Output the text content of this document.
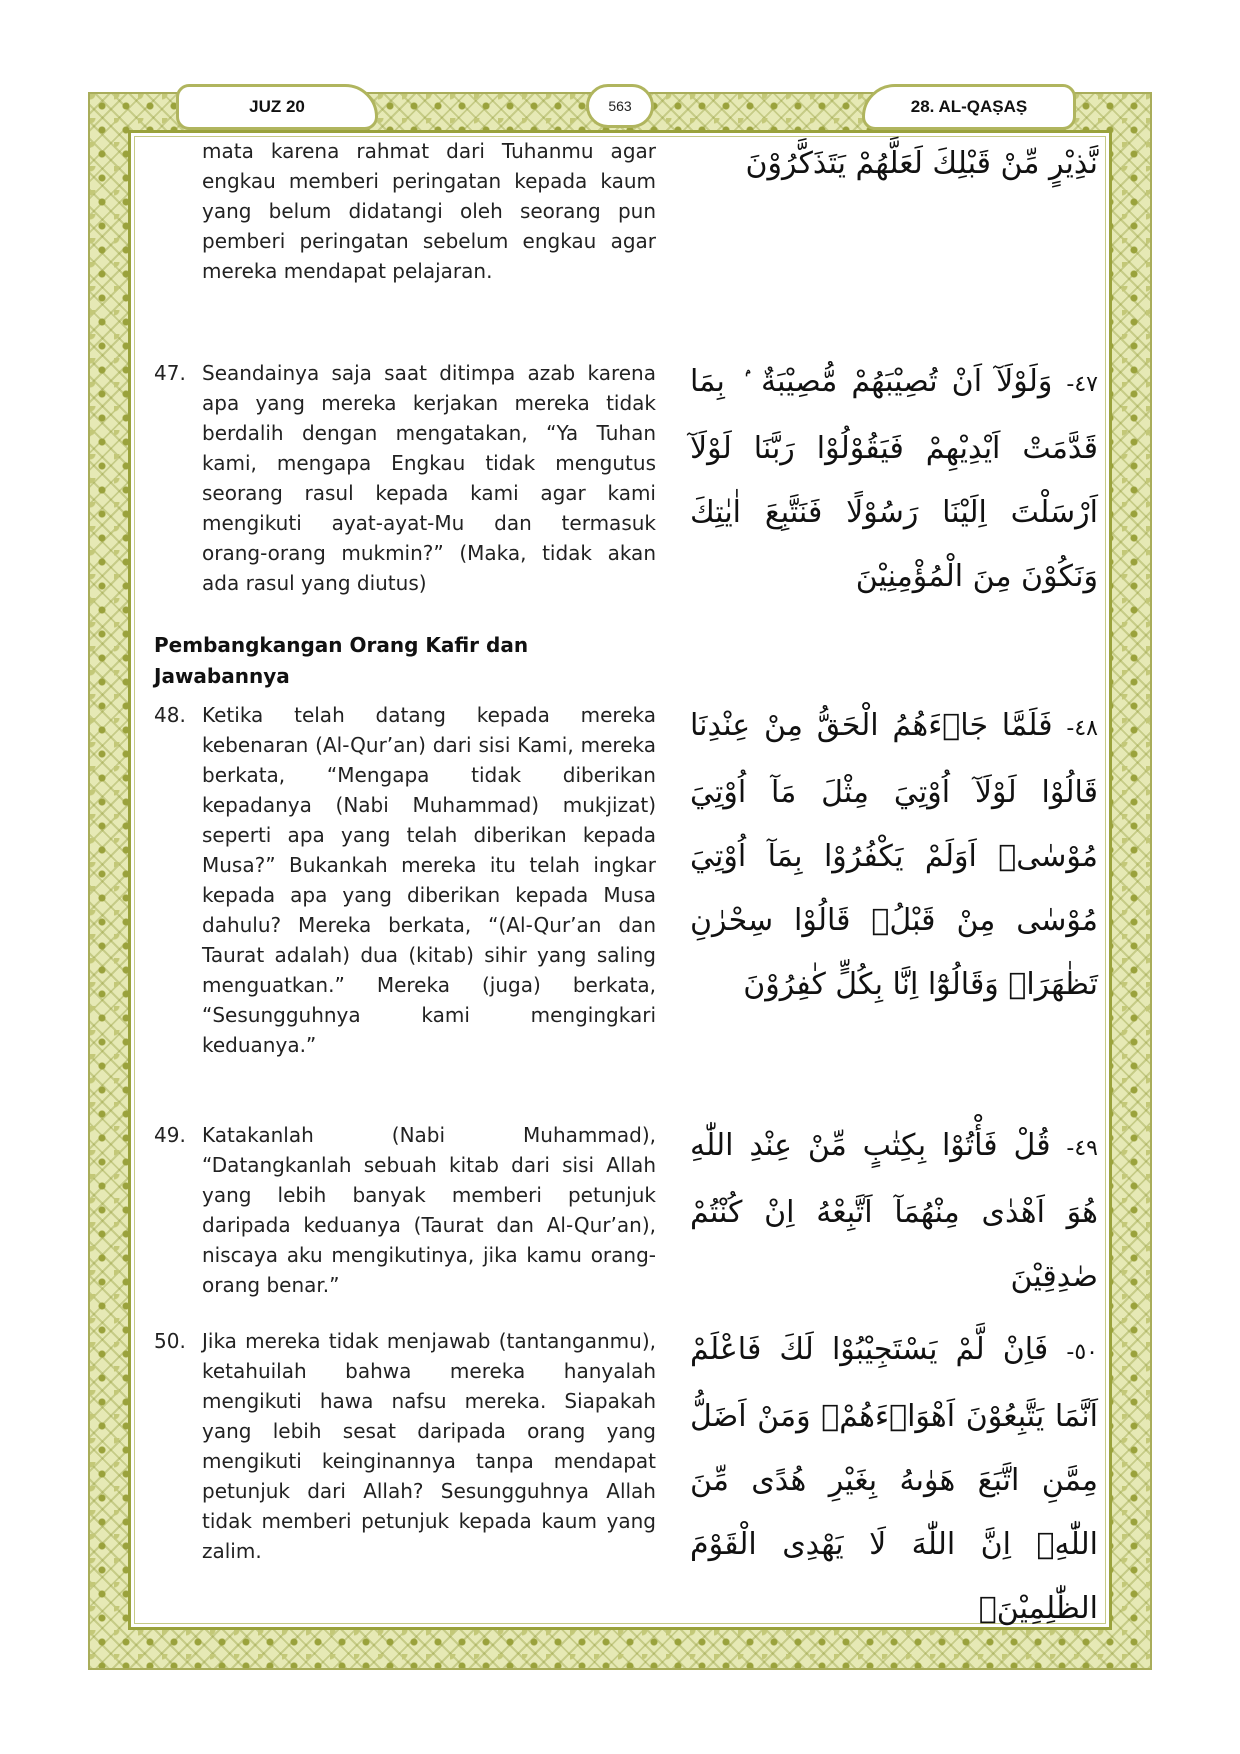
JUZ 20	563	28. AL-QAṢAṢ
mata karena rahmat dari Tuhanmu agar engkau memberi peringatan kepada kaum yang belum didatangi oleh seorang pun pemberi peringatan sebelum engkau agar mereka mendapat pelajaran.
نَّذِيْرٍ مِّنْ قَبْلِكَ لَعَلَّهُمْ يَتَذَكَّرُوْنَ
47. Seandainya saja saat ditimpa azab karena apa yang mereka kerjakan mereka tidak berdalih dengan mengatakan, “Ya Tuhan kami, mengapa Engkau tidak mengutus seorang rasul kepada kami agar kami mengikuti ayat-ayat-Mu dan termasuk orang-orang mukmin?” (Maka, tidak akan ada rasul yang diutus)
٤٧- وَلَوْلَآ اَنْ تُصِيْبَهُمْ مُّصِيْبَةٌ ۢ بِمَا قَدَّمَتْ اَيْدِيْهِمْ فَيَقُوْلُوْا رَبَّنَا لَوْلَآ اَرْسَلْتَ اِلَيْنَا رَسُوْلًا فَنَتَّبِعَ اٰيٰتِكَ وَنَكُوْنَ مِنَ الْمُؤْمِنِيْنَ
Pembangkangan Orang Kafir dan Jawabannya
48. Ketika telah datang kepada mereka kebenaran (Al-Qur’an) dari sisi Kami, mereka berkata, “Mengapa tidak diberikan kepadanya (Nabi Muhammad) mukjizat) seperti apa yang telah diberikan kepada Musa?” Bukankah mereka itu telah ingkar kepada apa yang diberikan kepada Musa dahulu? Mereka berkata, “(Al-Qur’an dan Taurat adalah) dua (kitab) sihir yang saling menguatkan.” Mereka (juga) berkata, “Sesungguhnya kami mengingkari keduanya.”
٤٨- فَلَمَّا جَاۤءَهُمُ الْحَقُّ مِنْ عِنْدِنَا قَالُوْا لَوْلَآ اُوْتِيَ مِثْلَ مَآ اُوْتِيَ مُوْسٰىۗ اَوَلَمْ يَكْفُرُوْا بِمَآ اُوْتِيَ مُوْسٰى مِنْ قَبْلُۚ قَالُوْا سِحْرٰنِ تَظٰهَرَاۗ وَقَالُوْٓا اِنَّا بِكُلٍّ كٰفِرُوْنَ
49. Katakanlah (Nabi Muhammad), “Datangkanlah sebuah kitab dari sisi Allah yang lebih banyak memberi petunjuk daripada keduanya (Taurat dan Al-Qur’an), niscaya aku mengikutinya, jika kamu orang-orang benar.”
٤٩- قُلْ فَأْتُوْا بِكِتٰبٍ مِّنْ عِنْدِ اللّٰهِ هُوَ اَهْدٰى مِنْهُمَآ اَتَّبِعْهُ اِنْ كُنْتُمْ صٰدِقِيْنَ
50. Jika mereka tidak menjawab (tantanganmu), ketahuilah bahwa mereka hanyalah mengikuti hawa nafsu mereka. Siapakah yang lebih sesat daripada orang yang mengikuti keinginannya tanpa mendapat petunjuk dari Allah? Sesungguhnya Allah tidak memberi petunjuk kepada kaum yang zalim.
٥٠- فَاِنْ لَّمْ يَسْتَجِيْبُوْا لَكَ فَاعْلَمْ اَنَّمَا يَتَّبِعُوْنَ اَهْوَاۤءَهُمْۗ وَمَنْ اَضَلُّ مِمَّنِ اتَّبَعَ هَوٰىهُ بِغَيْرِ هُدًى مِّنَ اللّٰهِۗ اِنَّ اللّٰهَ لَا يَهْدِى الْقَوْمَ الظّٰلِمِيْنَࣖ
